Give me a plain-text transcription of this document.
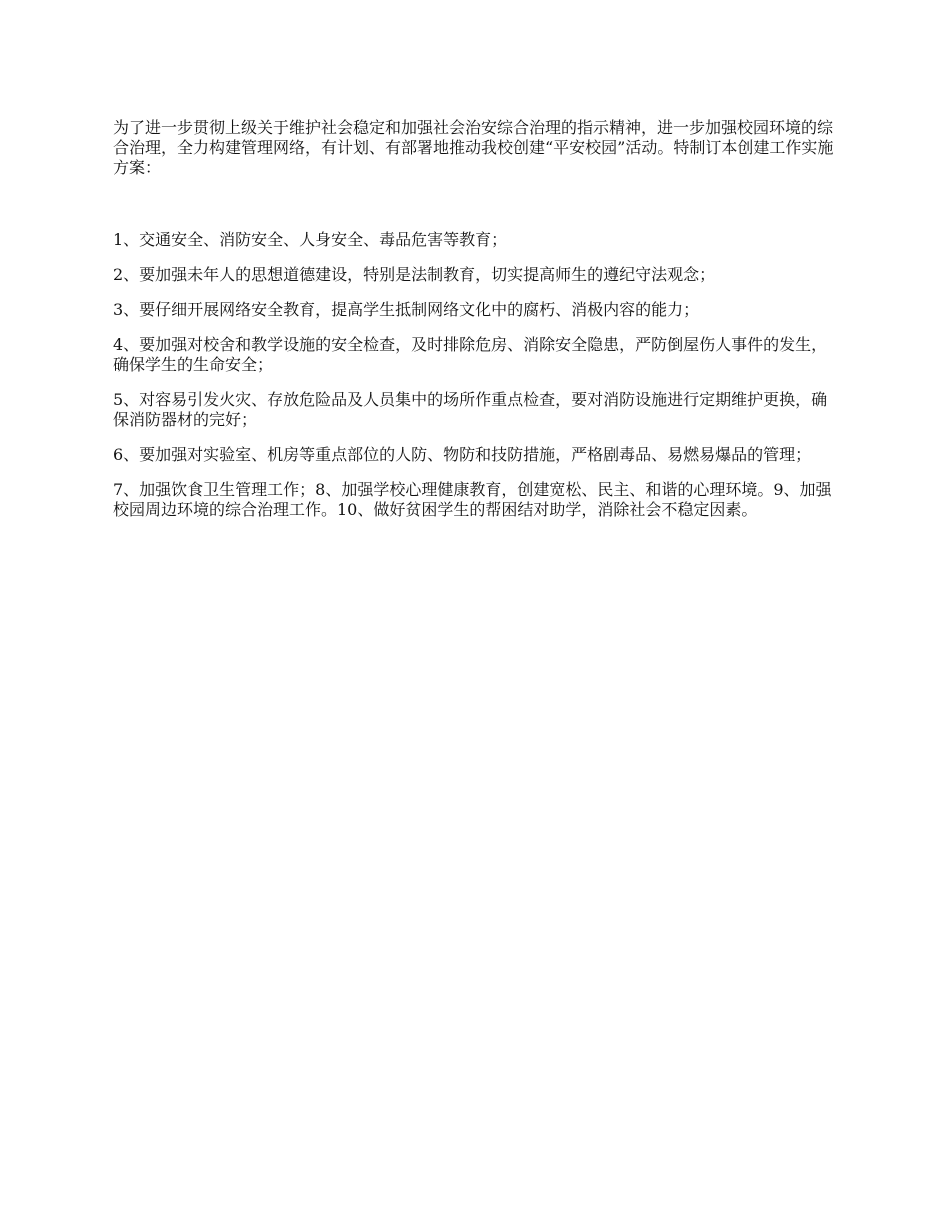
为了进一步贯彻上级关于维护社会稳定和加强社会治安综合治理的指示精神，进一步加强校园环境的综合治理，全力构建管理网络，有计划、有部署地推动我校创建“平安校园”活动。特制订本创建工作实施方案：

1、交通安全、消防安全、人身安全、毒品危害等教育；

2、要加强未年人的思想道德建设，特别是法制教育，切实提高师生的遵纪守法观念；

3、要仔细开展网络安全教育，提高学生抵制网络文化中的腐朽、消极内容的能力；

4、要加强对校舍和教学设施的安全检查，及时排除危房、消除安全隐患，严防倒屋伤人事件的发生，确保学生的生命安全；

5、对容易引发火灾、存放危险品及人员集中的场所作重点检查，要对消防设施进行定期维护更换，确保消防器材的完好；

6、要加强对实验室、机房等重点部位的人防、物防和技防措施，严格剧毒品、易燃易爆品的管理；

7、加强饮食卫生管理工作；8、加强学校心理健康教育，创建宽松、民主、和谐的心理环境。9、加强校园周边环境的综合治理工作。10、做好贫困学生的帮困结对助学，消除社会不稳定因素。
